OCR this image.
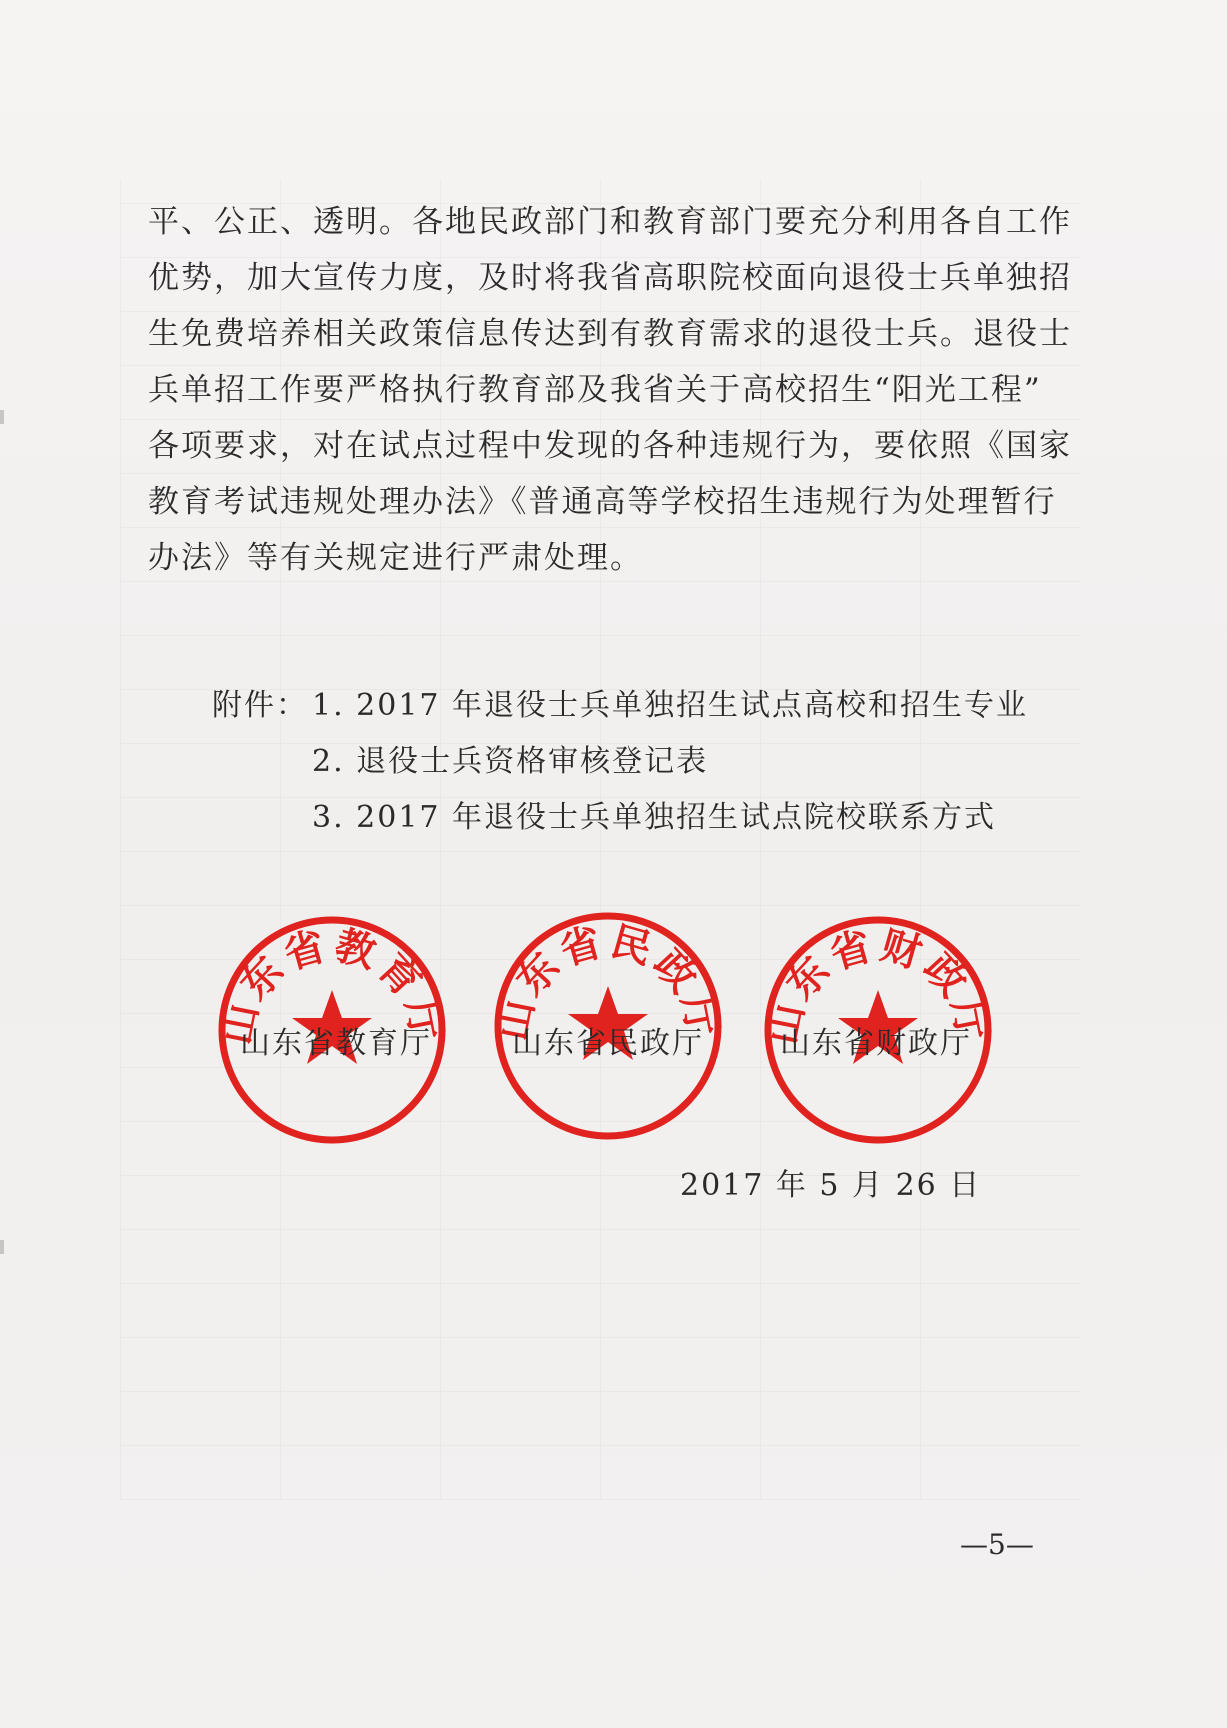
平、公正、透明。各地民政部门和教育部门要充分利用各自工作
优势，加大宣传力度，及时将我省高职院校面向退役士兵单独招
生免费培养相关政策信息传达到有教育需求的退役士兵。退役士
兵单招工作要严格执行教育部及我省关于高校招生“阳光工程”
各项要求，对在试点过程中发现的各种违规行为，要依照《国家
教育考试违规处理办法》《普通高等学校招生违规行为处理暂行
办法》等有关规定进行严肃处理。
附件： 1. 2017 年退役士兵单独招生试点高校和招生专业
2. 退役士兵资格审核登记表
3. 2017 年退役士兵单独招生试点院校联系方式
山东省教育厅 山东省民政厅 山东省财政厅
山东省教育厅	山东省民政厅	山东省财政厅
2017 年 5 月 26 日
—5—
